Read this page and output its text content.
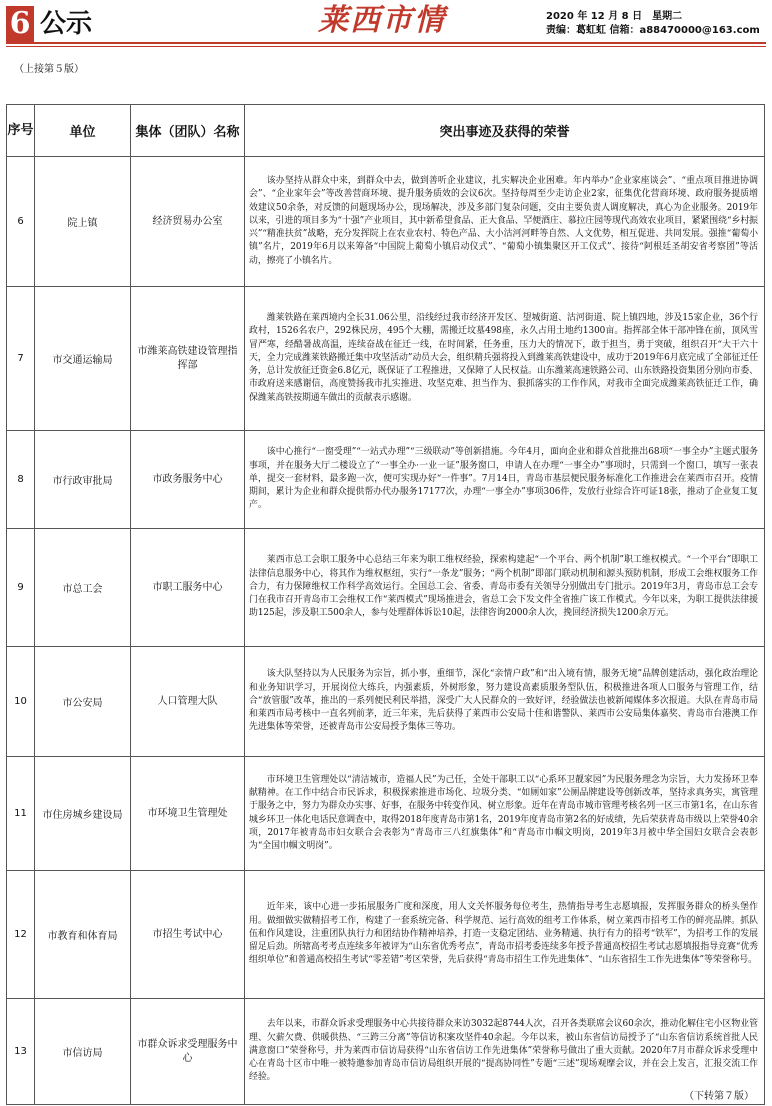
6 公示	莱西市情	2020 年 12 月 8 日　星期二
责编：葛虹虹 信箱：a88470000@163.com
（上接第５版）
序号	单位	集体（团队）名称	突出事迹及获得的荣誉
6	院上镇	经济贸易办公室	该办坚持从群众中来，到群众中去，做到善听企业建议，扎实解决企业困难。年内举办“企业家座谈会”、“重点项目推进协调会”、“企业家年会”等改善营商环境、提升服务质效的会议6次。坚持每周至少走访企业2家，征集优化营商环境、政府服务提质增效建议50余条，对反馈的问题现场办公，现场解决，涉及多部门复杂问题，交由主要负责人调度解决，真心为企业服务。2019年以来，引进的项目多为“十强”产业项目，其中新希望食品、正大食品、罕便酒庄、慕拉庄园等现代高效农业项目，紧紧围绕“乡村振兴”“精准扶贫”战略，充分发挥院上在农业农村、特色产品、大小沽河河畔等自然、人文优势，相互促进、共同发展。强推“葡萄小镇”名片，2019年6月以来筹备“中国院上葡萄小镇启动仪式”、“葡萄小镇集聚区开工仪式”、接待“阿根廷圣胡安省考察团”等活动，擦亮了小镇名片。
7	市交通运输局	市潍莱高铁建设管理指挥部	潍莱铁路在莱西境内全长31.06公里，沿线经过我市经济开发区、望城街道、沽河街道、院上镇四地，涉及15家企业，36个行政村，1526名农户，292株民房，495个大棚，需搬迁坟墓498座，永久占用土地约1300亩。指挥部全体干部冲锋在前，顶风雪冒严寒，经酷暑战高温，连续奋战在征迁一线，在时间紧，任务重，压力大的情况下，敢于担当，勇于突破，组织召开“大干六十天，全力完成潍莱铁路搬迁集中攻坚活动”动员大会，组织精兵强将投入到潍莱高铁建设中，成功于2019年6月底完成了全部征迁任务，总计发放征迁资金6.8亿元，既保证了工程推进，又保障了人民权益。山东潍莱高速铁路公司、山东铁路投资集团分别向市委、市政府送来感谢信，高度赞扬我市扎实推进、攻坚克难、担当作为、狠抓落实的工作作风，对我市全面完成潍莱高铁征迁工作，确保潍莱高铁按期通车做出的贡献表示感谢。
8	市行政审批局	市政务服务中心	该中心推行“一窗受理”“一站式办理”“三级联动”等创新措施。今年4月，面向企业和群众首批推出68项“一事全办”主题式服务事项，并在服务大厅二楼设立了“一事全办·一业一证”服务窗口，申请人在办理“一事全办”事项时，只需到一个窗口，填写一张表单，提交一套材料，最多跑一次，便可实现办好“一件事”。7月14日，青岛市基层便民服务标准化工作推进会在莱西市召开。疫情期间，累计为企业和群众提供帮办代办服务17177次，办理“一事全办”事项306件，发放行业综合许可证18张，推动了企业复工复产。
9	市总工会	市职工服务中心	莱西市总工会职工服务中心总结三年来为职工维权经验，探索构建起“一个平台、两个机制”职工维权模式。“一个平台”即职工法律信息服务中心，将其作为维权枢纽，实行“一条龙”服务；“两个机制”即部门联动机制和源头预防机制，形成工会维权服务工作合力，有力保障维权工作科学高效运行。全国总工会、省委、青岛市委有关领导分别做出专门批示。2019年3月，青岛市总工会专门在我市召开青岛市工会维权工作“莱西模式”现场推进会，省总工会下发文件全省推广该工作模式。今年以来，为职工提供法律援助125起，涉及职工500余人，参与处理群体诉讼10起，法律咨询2000余人次，挽回经济损失1200余万元。
10	市公安局	人口管理大队	该大队坚持以为人民服务为宗旨，抓小事，重细节，深化“亲情户政”和“出入境有情，服务无境”品牌创建活动，强化政治理论和业务知识学习，开展岗位大练兵，内强素质，外树形象，努力建设高素质服务型队伍，积极推进各项人口服务与管理工作，结合“放管服”改革，推出的一系列便民利民举措，深受广大人民群众的一致好评，经验做法也被新闻媒体多次报道。大队在青岛市局和莱西市局考核中一直名列前茅，近三年来，先后获得了莱西市公安局十佳和谐警队、莱西市公安局集体嘉奖、青岛市台港澳工作先进集体等荣誉，还被青岛市公安局授予集体三等功。
11	市住房城乡建设局	市环境卫生管理处	市环境卫生管理处以“清洁城市，造福人民”为己任，全处干部职工以“心系环卫靓家园”为民服务理念为宗旨，大力发扬环卫奉献精神。在工作中结合市民诉求，积极探索推进市场化、垃圾分类、“如厕如家”公厕品牌建设等创新改革，坚持求真务实，寓管理于服务之中，努力为群众办实事、好事，在服务中转变作风、树立形象。近年在青岛市城市管理考核名列一区三市第1名，在山东省城乡环卫一体化电话民意调查中，取得2018年度青岛市第1名，2019年度青岛市第2名的好成绩，先后荣获青岛市级以上荣誉40余项，2017年被青岛市妇女联合会表彰为“青岛市三八红旗集体”和“青岛市巾帼文明岗，2019年3月被中华全国妇女联合会表彰为“全国巾帼文明岗”。
12	市教育和体育局	市招生考试中心	近年来，该中心进一步拓展服务广度和深度，用人文关怀服务每位考生，热情指导考生志愿填报，发挥服务群众的桥头堡作用。做细做实做精招考工作，构建了一套系统完备、科学规范、运行高效的组考工作体系，树立莱西市招考工作的鲜亮品牌。抓队伍和作风建设，注重团队执行力和团结协作精神培养，打造一支稳定团结、业务精通、执行有力的招考“铁军”，为招考工作的发展留足后劲。所辖高考考点连续多年被评为“山东省优秀考点”，青岛市招考委连续多年授予普通高校招生考试志愿填报指导竞赛“优秀组织单位”和普通高校招生考试“零差错”考区荣誉，先后获得“青岛市招生工作先进集体”、“山东省招生工作先进集体”等荣誉称号。
13	市信访局	市群众诉求受理服务中心	去年以来，市群众诉求受理服务中心共接待群众来访3032起8744人次，召开各类联席会议60余次，推动化解住宅小区物业管理、欠薪欠费、供暖供热、“三跨三分离”等信访积案攻坚件40余起。今年以来，被山东省信访局授予了“山东省信访系统首批人民满意窗口”荣誉称号，并为莱西市信访局获得“山东省信访工作先进集体”荣誉称号做出了重大贡献。2020年7月市群众诉求受理中心在青岛十区市中唯一被特邀参加青岛市信访局组织开展的“提高协同性”专题“三述”现场观摩会议，并在会上发言，汇报交流工作经验。
（下转第７版）
